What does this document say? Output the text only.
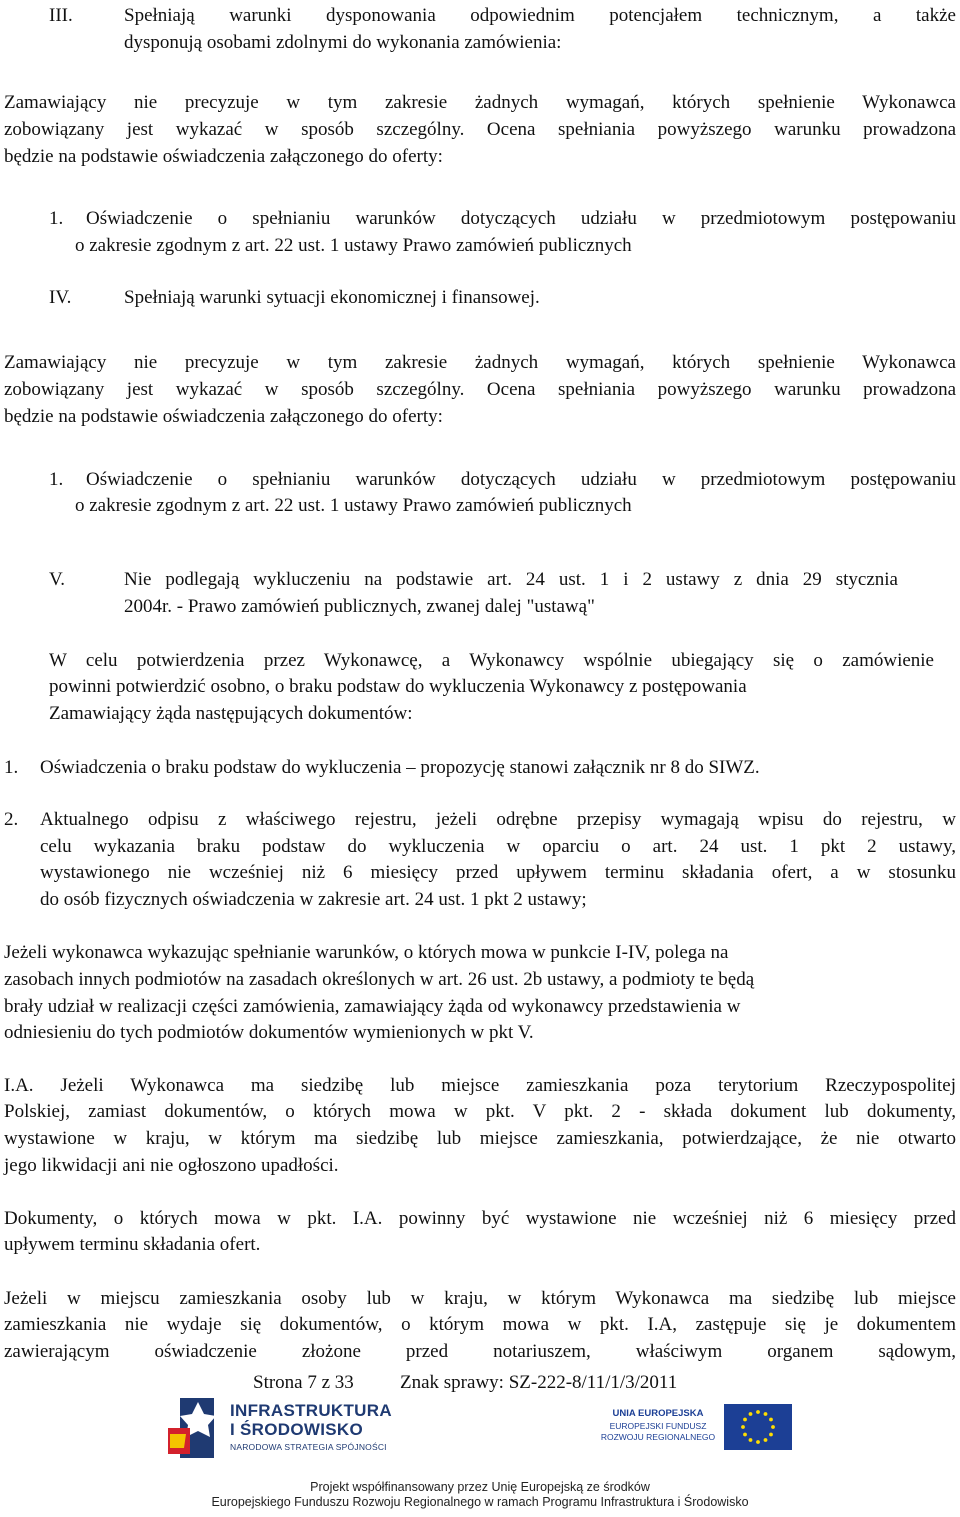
III.	Spełniają warunki dysponowania odpowiednim potencjałem technicznym, a także
dysponują osobami zdolnymi do wykonania zamówienia:
Zamawiający nie precyzuje w tym zakresie żadnych wymagań, których spełnienie Wykonawca
zobowiązany jest wykazać w sposób szczególny. Ocena spełniania powyższego warunku prowadzona
będzie na podstawie oświadczenia załączonego do oferty:
1. Oświadczenie o spełnianiu warunków dotyczących udziału w przedmiotowym postępowaniu
o zakresie zgodnym z art. 22 ust. 1 ustawy Prawo zamówień publicznych
IV.	Spełniają warunki sytuacji ekonomicznej i finansowej.
Zamawiający nie precyzuje w tym zakresie żadnych wymagań, których spełnienie Wykonawca
zobowiązany jest wykazać w sposób szczególny. Ocena spełniania powyższego warunku prowadzona
będzie na podstawie oświadczenia załączonego do oferty:
1. Oświadczenie o spełnianiu warunków dotyczących udziału w przedmiotowym postępowaniu
o zakresie zgodnym z art. 22 ust. 1 ustawy Prawo zamówień publicznych
V.	Nie podlegają wykluczeniu na podstawie art. 24 ust. 1 i 2 ustawy z dnia 29 stycznia
2004r. - Prawo zamówień publicznych, zwanej dalej "ustawą"
W celu potwierdzenia przez Wykonawcę, a Wykonawcy wspólnie ubiegający się o zamówienie
powinni potwierdzić osobno, o braku podstaw do wykluczenia Wykonawcy z postępowania
Zamawiający żąda następujących dokumentów:
1. Oświadczenia o braku podstaw do wykluczenia – propozycję stanowi załącznik nr 8 do SIWZ.
2. Aktualnego odpisu z właściwego rejestru, jeżeli odrębne przepisy wymagają wpisu do rejestru, w
celu wykazania braku podstaw do wykluczenia w oparciu o art. 24 ust. 1 pkt 2 ustawy,
wystawionego nie wcześniej niż 6 miesięcy przed upływem terminu składania ofert, a w stosunku
do osób fizycznych oświadczenia w zakresie art. 24 ust. 1 pkt 2 ustawy;
Jeżeli wykonawca wykazując spełnianie warunków, o których mowa w punkcie I-IV, polega na
zasobach innych podmiotów na zasadach określonych w art. 26 ust. 2b ustawy, a podmioty te będą
brały udział w realizacji części zamówienia, zamawiający żąda od wykonawcy przedstawienia w
odniesieniu do tych podmiotów dokumentów wymienionych w pkt V.
I.A. Jeżeli Wykonawca ma siedzibę lub miejsce zamieszkania poza terytorium Rzeczypospolitej
Polskiej, zamiast dokumentów, o których mowa w pkt. V pkt. 2 - składa dokument lub dokumenty,
wystawione w kraju, w którym ma siedzibę lub miejsce zamieszkania, potwierdzające, że nie otwarto
jego likwidacji ani nie ogłoszono upadłości.
Dokumenty, o których mowa w pkt. I.A. powinny być wystawione nie wcześniej niż 6 miesięcy przed
upływem terminu składania ofert.
Jeżeli w miejscu zamieszkania osoby lub w kraju, w którym Wykonawca ma siedzibę lub miejsce
zamieszkania nie wydaje się dokumentów, o którym mowa w pkt. I.A, zastępuje się je dokumentem
zawierającym oświadczenie złożone przed notariuszem, właściwym organem sądowym,
Strona 7 z 33 Znak sprawy: SZ-222-8/11/1/3/2011
INFRASTRUKTURA
I ŚRODOWISKO
NARODOWA STRATEGIA SPÓJNOŚCI
UNIA EUROPEJSKA
EUROPEJSKI FUNDUSZ
ROZWOJU REGIONALNEGO
Projekt współfinansowany przez Unię Europejską ze środków
Europejskiego Funduszu Rozwoju Regionalnego w ramach Programu Infrastruktura i Środowisko
